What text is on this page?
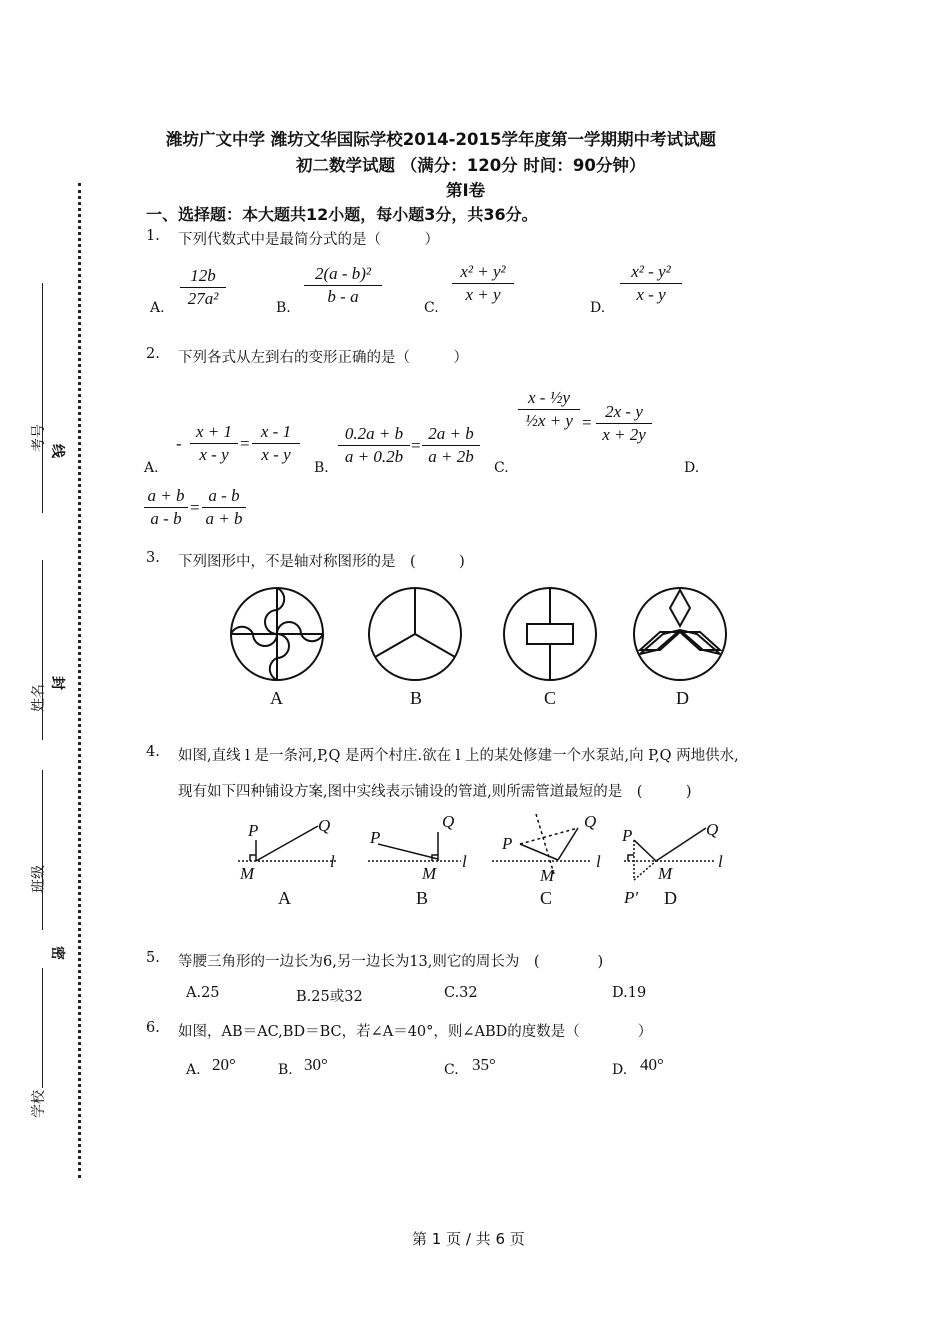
潍坊广文中学 潍坊文华国际学校2014-2015学年度第一学期期中考试试题
初二数学试题 （满分：120分 时间：90分钟）
第Ⅰ卷
一、选择题：本大题共12小题，每小题3分，共36分。
考号
姓名
班级
学校
线
封
密
1. 下列代数式中是最简分式的是（　　　）
A.
12b
27a²	B.
2(a - b)²
b - a
C.
x² + y²
x + y
D.
x² - y²
x - y
2. 下列各式从左到右的变形正确的是（　　　）
A.
-
x + 1
x - y
=
x - 1
x - y
B.
0.2a + b
a + 0.2b
=
2a + b
a + 2b
C.
x - ½y
½x + y =
2x - y
x + 2y
D.
a + b
a - b
=
a - b
a + b
3. 下列图形中，不是轴对称图形的是　(　　　)
A	B	C	D
4. 如图,直线 l 是一条河,P,Q 是两个村庄.欲在 l 上的某处修建一个水泵站,向 P,Q 两地供水,
现有如下四种铺设方案,图中实线表示铺设的管道,则所需管道最短的是　(　　　)
P	Q
M
l
P
Q
M
l
P
Q
M
l
P	Q
M
l
P′
A	B	C	D
5. 等腰三角形的一边长为6,另一边长为13,则它的周长为　(　　　　)
A.25	B.25或32	C.32	D.19
6. 如图，AB＝AC,BD＝BC，若∠A＝40°，则∠ABD的度数是（　　　　）
A. 20°	B. 30°	C. 35°	D. 40°
第 1 页 / 共 6 页
